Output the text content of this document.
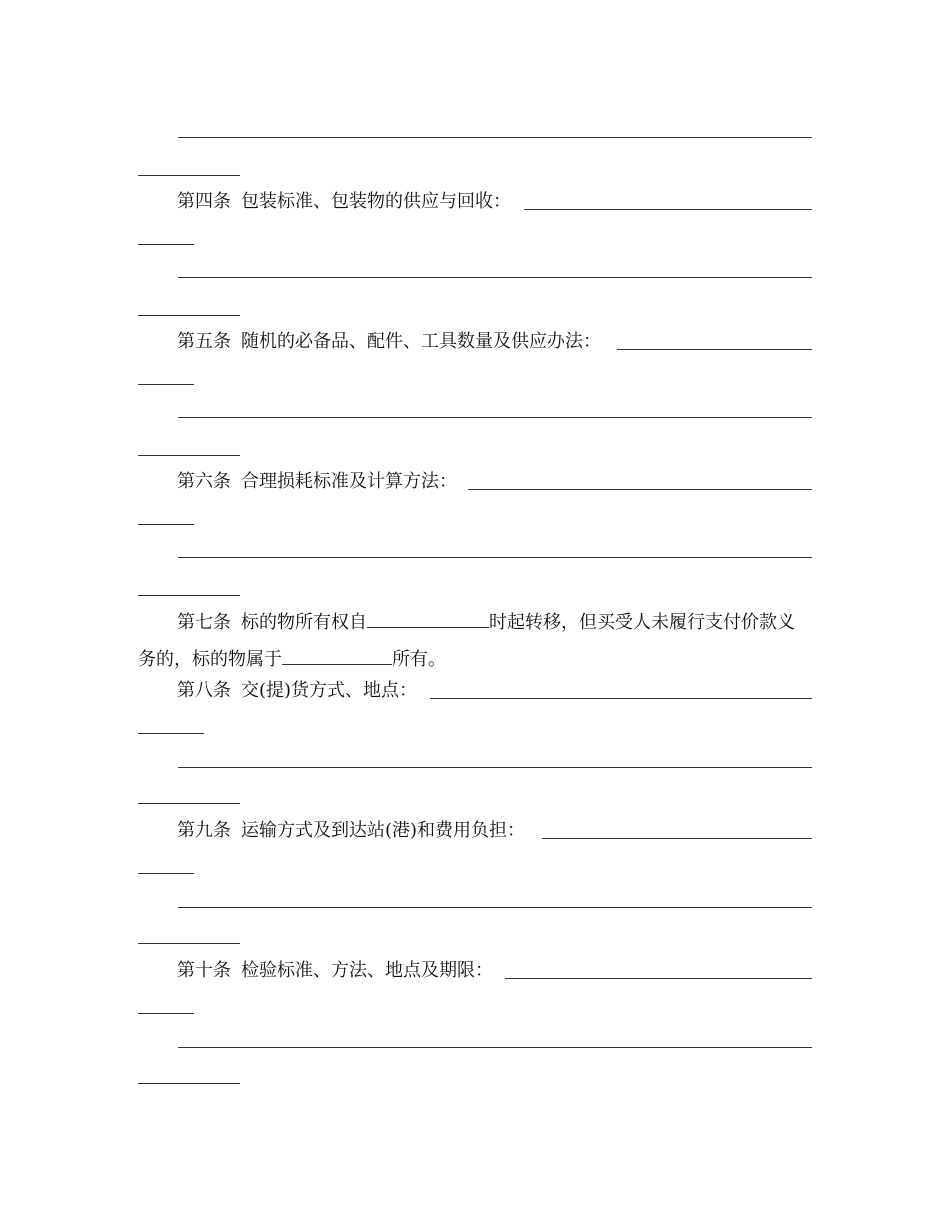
第四条 包装标准、包装物的供应与回收：
第五条 随机的必备品、配件、工具数量及供应办法：
第六条 合理损耗标准及计算方法：
第七条 标的物所有权自	时起转移，但买受人未履行支付价款义
务的，标的物属于	所有。
第八条 交(提)货方式、地点：
第九条 运输方式及到达站(港)和费用负担：
第十条 检验标准、方法、地点及期限：
